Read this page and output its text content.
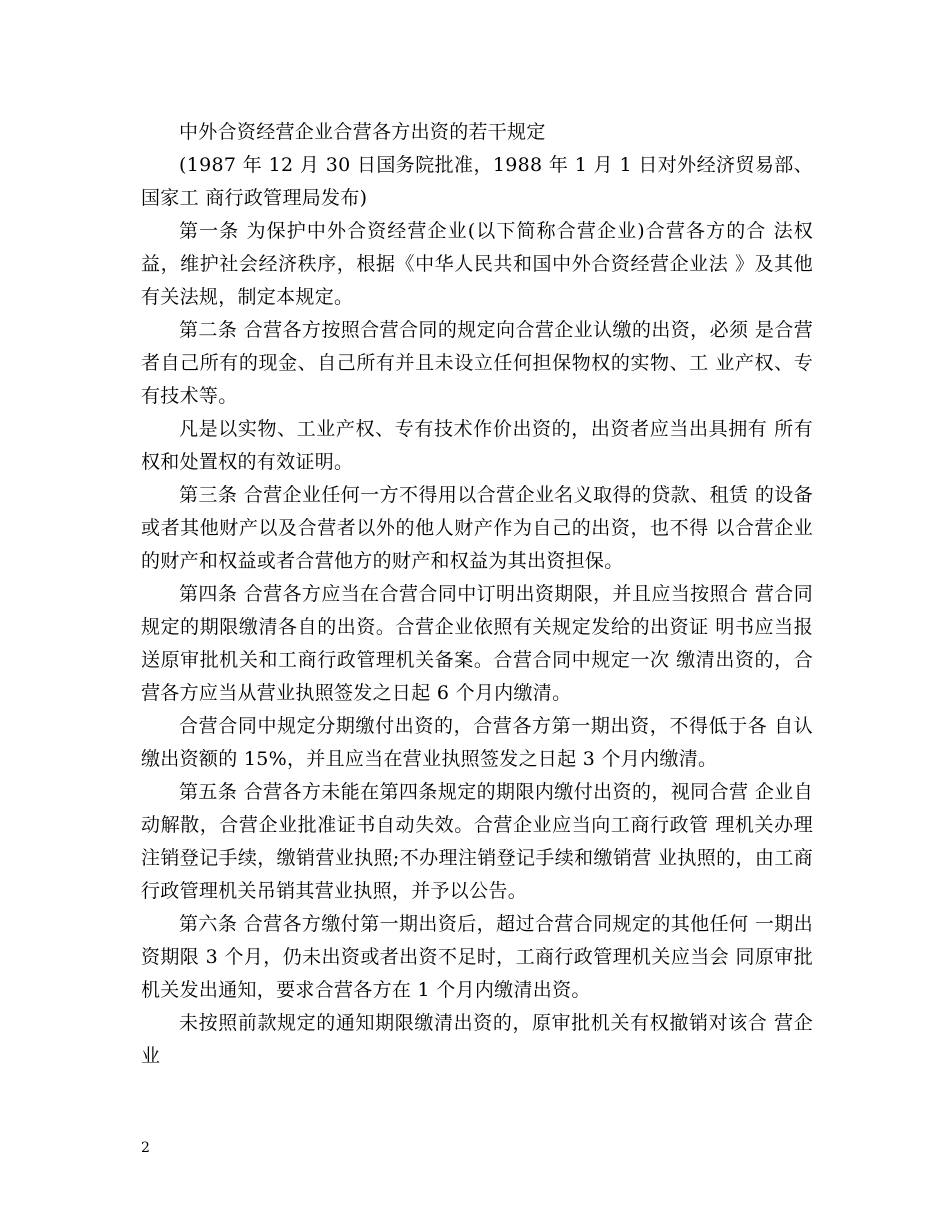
中外合资经营企业合营各方出资的若干规定

(1987 年 12 月 30 日国务院批准，1988 年 1 月 1 日对外经济贸易部、国家工 商行政管理局发布)

第一条 为保护中外合资经营企业(以下简称合营企业)合营各方的合 法权益，维护社会经济秩序，根据《中华人民共和国中外合资经营企业法 》及其他有关法规，制定本规定。

第二条 合营各方按照合营合同的规定向合营企业认缴的出资，必须 是合营者自己所有的现金、自己所有并且未设立任何担保物权的实物、工 业产权、专有技术等。

凡是以实物、工业产权、专有技术作价出资的，出资者应当出具拥有 所有权和处置权的有效证明。

第三条 合营企业任何一方不得用以合营企业名义取得的贷款、租赁 的设备或者其他财产以及合营者以外的他人财产作为自己的出资，也不得 以合营企业的财产和权益或者合营他方的财产和权益为其出资担保。

第四条 合营各方应当在合营合同中订明出资期限，并且应当按照合 营合同规定的期限缴清各自的出资。合营企业依照有关规定发给的出资证 明书应当报送原审批机关和工商行政管理机关备案。合营合同中规定一次 缴清出资的，合营各方应当从营业执照签发之日起 6 个月内缴清。

合营合同中规定分期缴付出资的，合营各方第一期出资，不得低于各 自认缴出资额的 15%，并且应当在营业执照签发之日起 3 个月内缴清。

第五条 合营各方未能在第四条规定的期限内缴付出资的，视同合营 企业自动解散，合营企业批准证书自动失效。合营企业应当向工商行政管 理机关办理注销登记手续，缴销营业执照;不办理注销登记手续和缴销营 业执照的，由工商行政管理机关吊销其营业执照，并予以公告。

第六条 合营各方缴付第一期出资后，超过合营合同规定的其他任何 一期出资期限 3 个月，仍未出资或者出资不足时，工商行政管理机关应当会 同原审批机关发出通知，要求合营各方在 1 个月内缴清出资。

未按照前款规定的通知期限缴清出资的，原审批机关有权撤销对该合 营企业

2
